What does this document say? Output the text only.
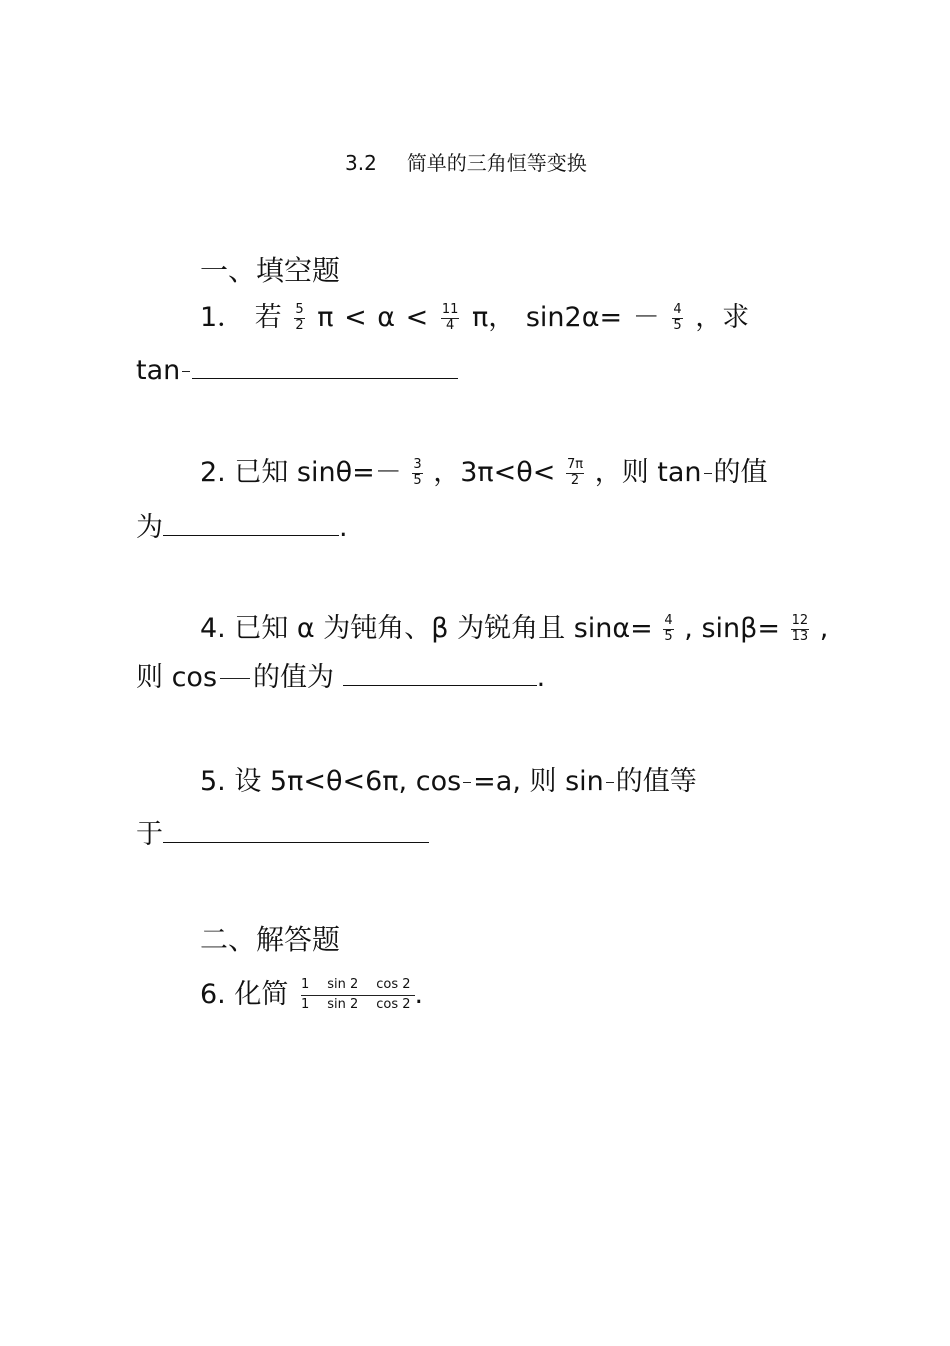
3.2 简单的三角恒等变换
一、填空题
1． 若 $\frac{5}{2}$ $\pi < \alpha < \frac{11}{4}$ π， $\sin 2\alpha= - \frac{4}{5}$ ，求
tan
2. 已知 $\sin\theta=- \frac{3}{5}$ ，$3\pi<\theta< \frac{7\pi}{2}$ ，则 tan 的值
为	.
4. 已知 α 为钝角、β 为锐角且 $\sin\alpha= \frac{4}{5}$ , $\sin\beta= \frac{12}{13}$ ,
则 cos 的值为	.
5. 设 5π<θ<6π, cos =a, 则 sin 的值等
于
二、解答题
6. 化简 $\frac{1 \sin 2 \cos 2}{1 \sin 2 \cos 2}$ .
